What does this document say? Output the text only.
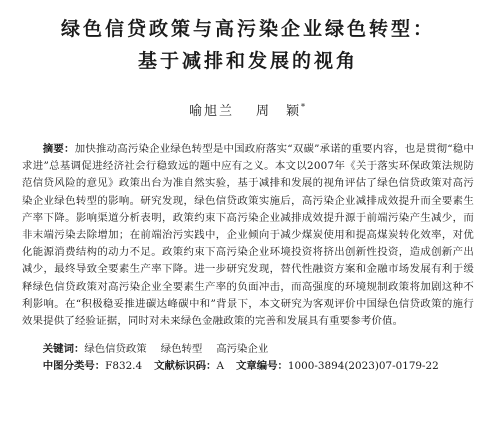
绿色信贷政策与高污染企业绿色转型：
基于减排和发展的视角
喻旭兰 周　颖*

摘要：加快推动高污染企业绿色转型是中国政府落实“双碳”承诺的重要内容，也是贯彻“稳中求进”总基调促进经济社会行稳致远的题中应有之义。本文以2007年《关于落实环保政策法规防范信贷风险的意见》政策出台为准自然实验，基于减排和发展的视角评估了绿色信贷政策对高污染企业绿色转型的影响。研究发现，绿色信贷政策实施后，高污染企业减排成效提升而全要素生产率下降。影响渠道分析表明，政策约束下高污染企业减排成效提升源于前端污染产生减少，而非末端污染去除增加；在前端治污实践中，企业倾向于减少煤炭使用和提高煤炭转化效率，对优化能源消费结构的动力不足。政策约束下高污染企业环境投资将挤出创新性投资，造成创新产出减少，最终导致全要素生产率下降。进一步研究发现，替代性融资方案和金融市场发展有利于缓释绿色信贷政策对高污染企业全要素生产率的负面冲击，而高强度的环境规制政策将加剧这种不利影响。在“积极稳妥推进碳达峰碳中和”背景下，本文研究为客观评价中国绿色信贷政策的施行效果提供了经验证据，同时对未来绿色金融政策的完善和发展具有重要参考价值。

关键词：绿色信贷政策 绿色转型 高污染企业
中图分类号：F832.4 文献标识码：A 文章编号：1000-3894(2023)07-0179-22
